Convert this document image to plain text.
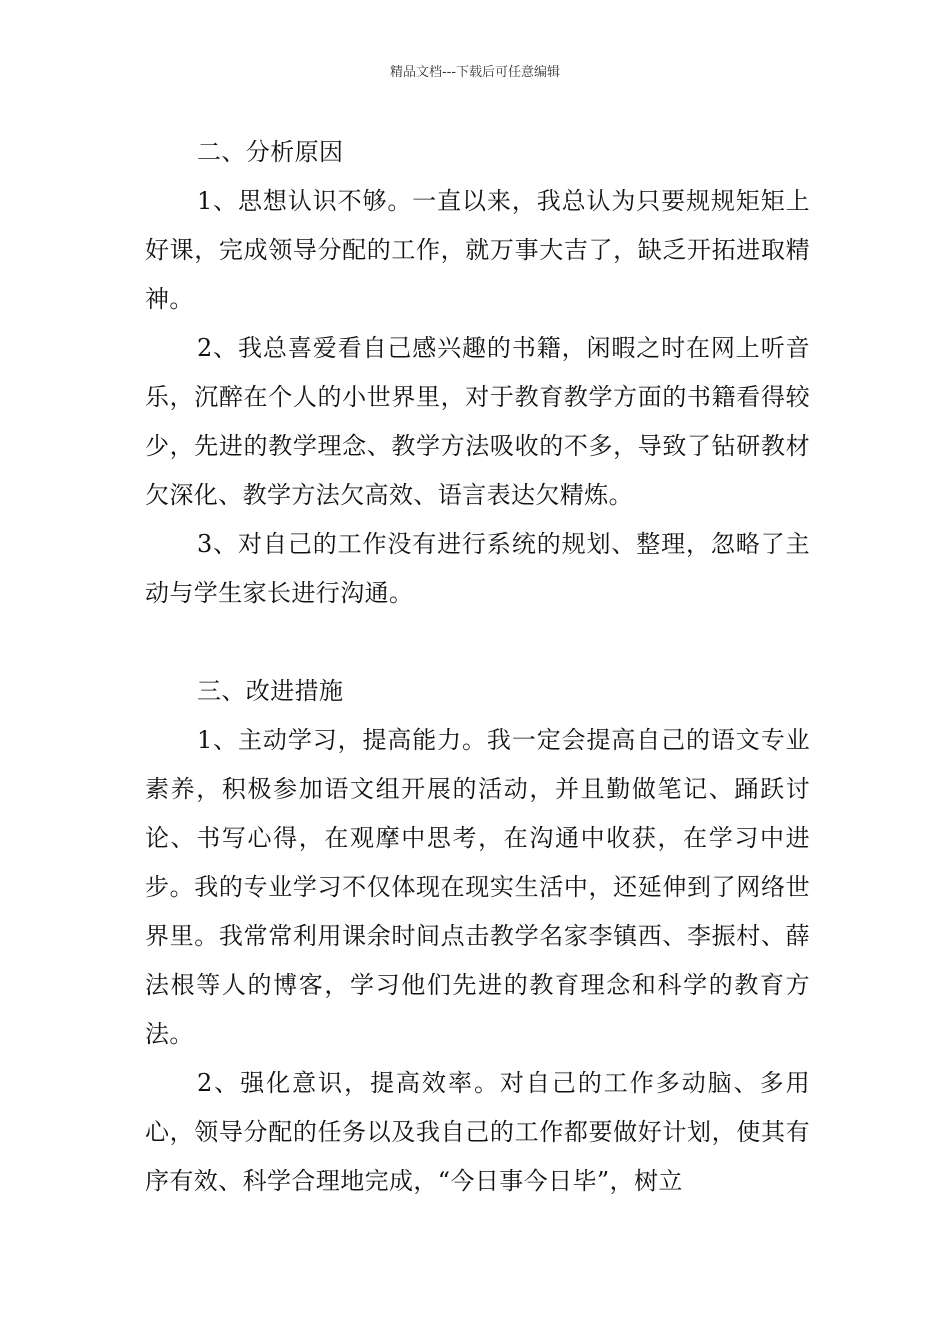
精品文档---下载后可任意编辑

二、分析原因

1、思想认识不够。一直以来，我总认为只要规规矩矩上好课，完成领导分配的工作，就万事大吉了，缺乏开拓进取精神。

2、我总喜爱看自己感兴趣的书籍，闲暇之时在网上听音乐，沉醉在个人的小世界里，对于教育教学方面的书籍看得较少，先进的教学理念、教学方法吸收的不多，导致了钻研教材欠深化、教学方法欠高效、语言表达欠精炼。

3、对自己的工作没有进行系统的规划、整理，忽略了主动与学生家长进行沟通。

三、改进措施

1、主动学习，提高能力。我一定会提高自己的语文专业素养，积极参加语文组开展的活动，并且勤做笔记、踊跃讨论、书写心得，在观摩中思考，在沟通中收获，在学习中进步。我的专业学习不仅体现在现实生活中，还延伸到了网络世界里。我常常利用课余时间点击教学名家李镇西、李振村、薛法根等人的博客，学习他们先进的教育理念和科学的教育方法。

2、强化意识，提高效率。对自己的工作多动脑、多用心，领导分配的任务以及我自己的工作都要做好计划，使其有序有效、科学合理地完成，“今日事今日毕”，树立
